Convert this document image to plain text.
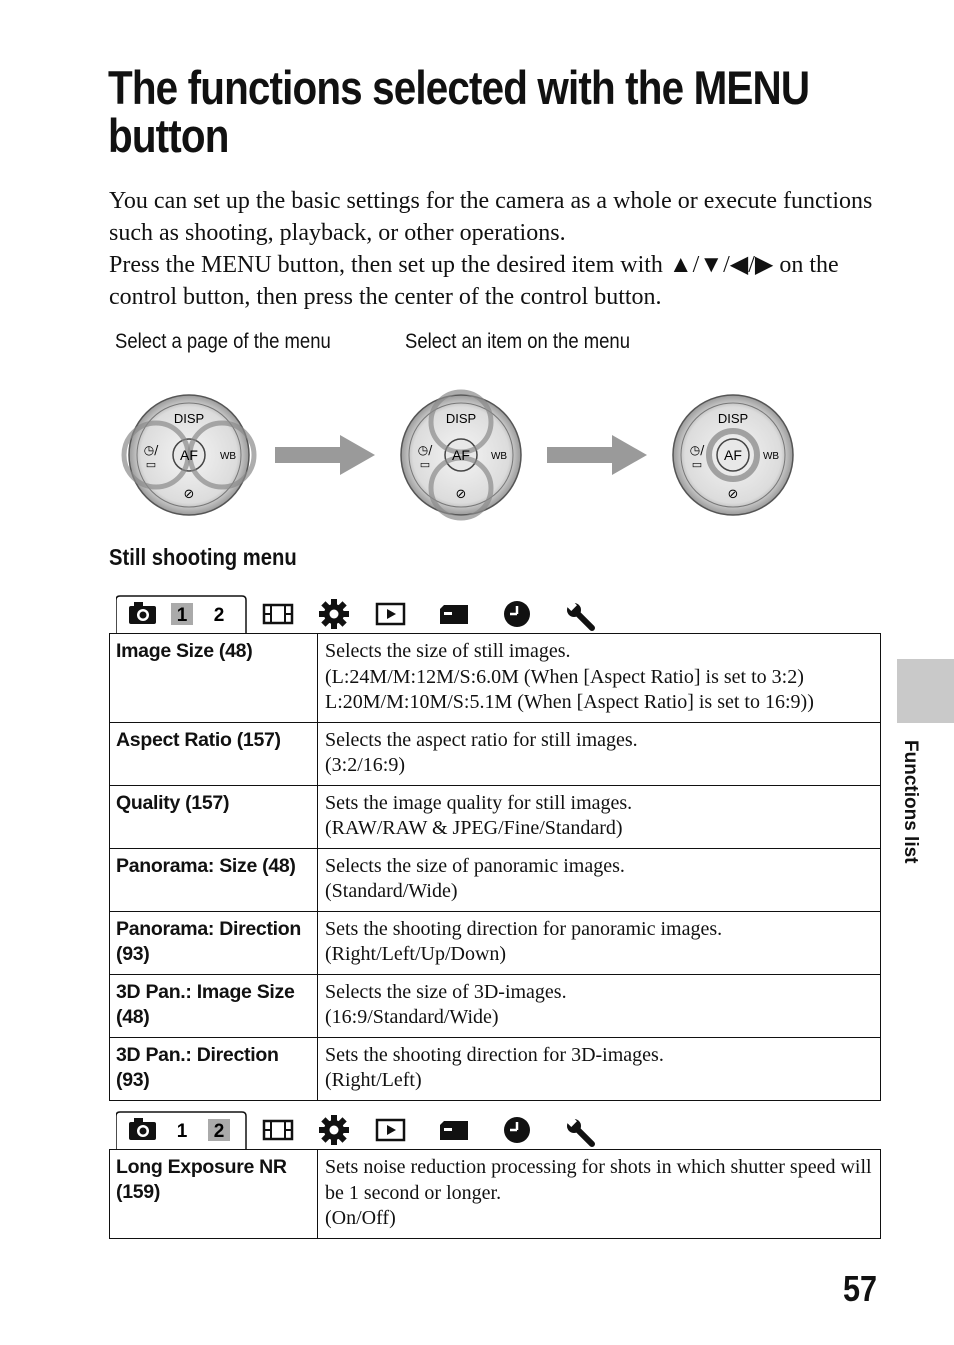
The functions selected with the MENU button

You can set up the basic settings for the camera as a whole or execute functions such as shooting, playback, or other operations.

Press the MENU button, then set up the desired item with ▲/▼/◀/▶ on the control button, then press the center of the control button.

Select a page of the menu	Select an item on the menu
DISP
AF WB
◷/
▭
⊘
DISP
AF WB
◷/
▭
⊘
DISP
AF WB
◷/
▭
⊘
Still shooting menu
1 2
Image Size (48)	Selects the size of still images.
(L:24M/M:12M/S:6.0M (When [Aspect Ratio] is set to 3:2)
L:20M/M:10M/S:5.1M (When [Aspect Ratio] is set to 16:9))
Aspect Ratio (157)	Selects the aspect ratio for still images.
(3:2/16:9)
Quality (157)	Sets the image quality for still images.
(RAW/RAW & JPEG/Fine/Standard)
Panorama: Size (48)	Selects the size of panoramic images.
(Standard/Wide)
Panorama: Direction (93)	Sets the shooting direction for panoramic images.
(Right/Left/Up/Down)
3D Pan.: Image Size (48)	Selects the size of 3D-images.
(16:9/Standard/Wide)
3D Pan.: Direction (93)	Sets the shooting direction for 3D-images.
(Right/Left)
1 2
Long Exposure NR (159)	Sets noise reduction processing for shots in which shutter speed will be 1 second or longer.
(On/Off)
Functions list
57
